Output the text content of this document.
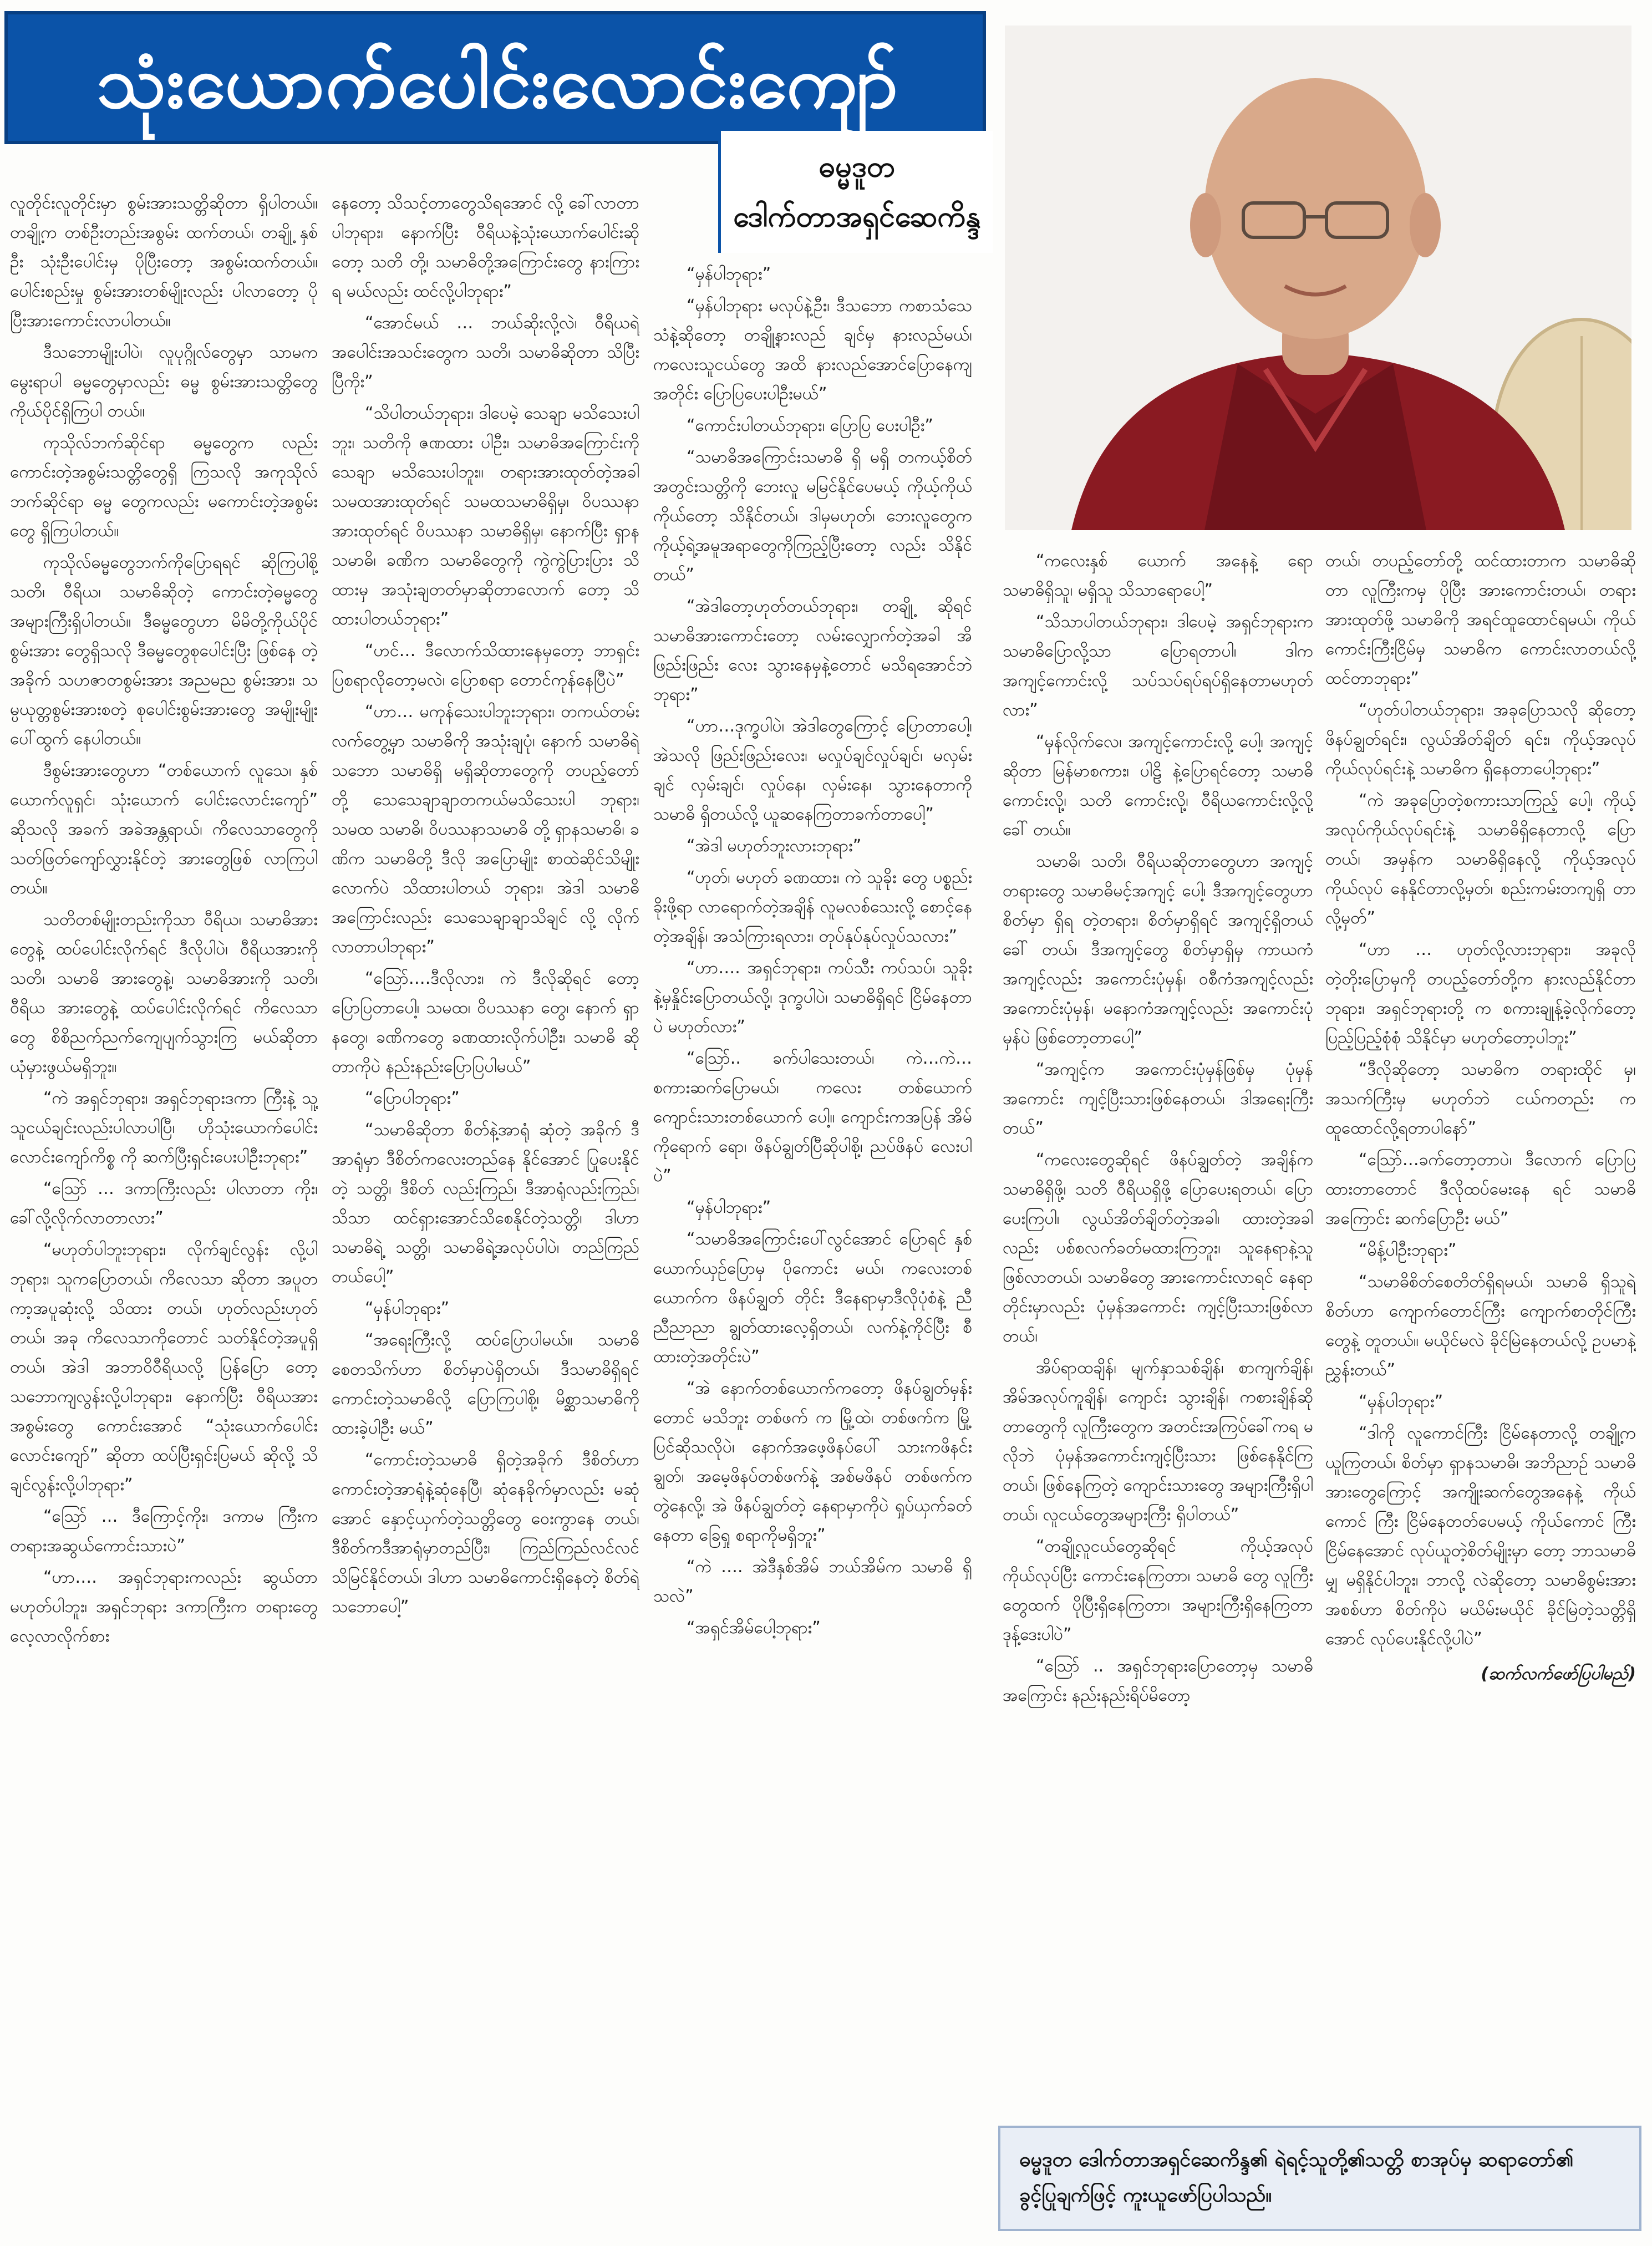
သုံးယောက်ပေါင်းလောင်းကျော်
ဓမ္မဒူတ
ဒေါက်တာအရှင်ဆေကိန္ဒ

လူတိုင်းလူတိုင်းမှာ စွမ်းအားသတ္တိဆိုတာ ရှိပါတယ်။ တချို့က တစ်ဦးတည်းအစွမ်း ထက်တယ်၊ တချို့ နှစ်ဦး သုံးဦးပေါင်းမှ ပိုပြီးတော့ အစွမ်းထက်တယ်။ ပေါင်းစည်းမှု စွမ်းအားတစ်မျိုးလည်း ပါလာတော့ ပိုပြီးအားကောင်းလာပါတယ်။

ဒီသဘောမျိုးပါပဲ၊ လူပုဂ္ဂိုလ်တွေမှာ သာမက မွေးရာပါ ဓမ္မတွေမှာလည်း ဓမ္မ စွမ်းအားသတ္တိတွေ ကိုယ်ပိုင်ရှိကြပါ တယ်။

ကုသိုလ်ဘက်ဆိုင်ရာ ဓမ္မတွေက လည်း ကောင်းတဲ့အစွမ်းသတ္တိတွေရှိ ကြသလို အကုသိုလ်ဘက်ဆိုင်ရာ ဓမ္မ တွေကလည်း မကောင်းတဲ့အစွမ်းတွေ ရှိကြပါတယ်။

ကုသိုလ်ဓမ္မတွေဘက်ကိုပြောရရင် ဆိုကြပါစို့ သတိ၊ ဝီရိယ၊ သမာဓိဆိုတဲ့ ကောင်းတဲ့ဓမ္မတွေ အများကြီးရှိပါတယ်။ ဒီဓမ္မတွေဟာ မိမိတို့ကိုယ်ပိုင် စွမ်းအား တွေရှိသလို ဒီဓမ္မတွေစုပေါင်းပြီး ဖြစ်နေ တဲ့အခိုက် သဟဇာတစွမ်းအား အညမည စွမ်းအား၊ သမ္ပယုတ္တစွမ်းအားစတဲ့ စုပေါင်းစွမ်းအားတွေ အမျိုးမျိုးပေါ်ထွက် နေပါတယ်။

ဒီစွမ်းအားတွေဟာ “တစ်ယောက် လူသေ၊ နှစ်ယောက်လူရှင်၊ သုံးယောက် ပေါင်းလောင်းကျော်” ဆိုသလို အခက် အခဲအန္တရာယ်၊ ကိလေသာတွေကို သတ်ဖြတ်ကျော်လွှားနိုင်တဲ့ အားတွေဖြစ် လာကြပါတယ်။

သတိတစ်မျိုးတည်းကိုသာ ဝီရိယ၊ သမာဓိအားတွေနဲ့ ထပ်ပေါင်းလိုက်ရင် ဒီလိုပါပဲ၊ ဝီရိယအားကို သတိ၊ သမာဓိ အားတွေနဲ့၊ သမာဓိအားကို သတိ၊ ဝီရိယ အားတွေနဲ့ ထပ်ပေါင်းလိုက်ရင် ကိလေသာ တွေ စိစိညက်ညက်ကျေပျက်သွားကြ မယ်ဆိုတာ ယုံမှားဖွယ်မရှိဘူး။

“ကဲ အရှင်ဘုရား၊ အရှင်ဘုရားဒကာ ကြီးနဲ့ သူ့သူငယ်ချင်းလည်းပါလာပါပြီ၊ ဟိုသုံးယောက်ပေါင်း လောင်းကျော်ကိစ္စ ကို ဆက်ပြီးရှင်းပေးပါဦးဘုရား”

“ဩော် … ဒကာကြီးလည်း ပါလာတာ ကိုး၊ ခေါ်လို့လိုက်လာတာလား”

“မဟုတ်ပါဘူးဘုရား၊ လိုက်ချင်လွန်း လို့ပါဘုရား၊ သူကပြောတယ်၊ ကိလေသာ ဆိုတာ အပူတကာ့အပူဆုံးလို့ သိထား တယ်၊ ဟုတ်လည်းဟုတ်တယ်၊ အခု ကိလေသာကိုတောင် သတ်နိုင်တဲ့အပူရှိ တယ်၊ အဲဒါ အဘာဝိဝီရိယလို့ ပြန်ပြော တော့ သဘောကျလွန်းလို့ပါဘုရား၊ နောက်ပြီး ဝီရိယအားအစွမ်းတွေ ကောင်းအောင် “သုံးယောက်ပေါင်း လောင်းကျော်” ဆိုတာ ထပ်ပြီးရှင်းပြမယ် ဆိုလို့ သိချင်လွန်းလို့ပါဘုရား”

“ဩော် … ဒီကြောင့်ကိုး၊ ဒကာမ ကြီးက တရားအဆွယ်ကောင်းသားပဲ”

“ဟာ…. အရှင်ဘုရားကလည်း ဆွယ်တာမဟုတ်ပါဘူး၊ အရှင်ဘုရား ဒကာကြီးက တရားတွေလေ့လာလိုက်စား

နေတော့ သိသင့်တာတွေသိရအောင် လို့ ခေါ်လာတာပါဘုရား၊ နောက်ပြီး ဝီရိယနဲ့သုံးယောက်ပေါင်းဆိုတော့ သတိ တို့၊ သမာဓိတို့အကြောင်းတွေ နားကြားရ မယ်လည်း ထင်လို့ပါဘုရား”

“အောင်မယ် … ဘယ်ဆိုးလို့လဲ၊ ဝီရိယရဲ့ အပေါင်းအသင်းတွေက သတိ၊ သမာဓိဆိုတာ သိပြီးပြီကိုး”

“သိပါတယ်ဘုရား၊ ဒါပေမဲ့ သေချာ မသိသေးပါဘူး၊ သတိကို ဇဏထား ပါဦး၊ သမာဓိအကြောင်းကို သေချာ မသိသေးပါဘူး။ တရားအားထုတ်တဲ့အခါ သမထအားထုတ်ရင် သမထသမာဓိရှိမှ၊ ဝိပဿနာအားထုတ်ရင် ဝိပဿနာ သမာဓိရှိမှ၊ နောက်ပြီး ရှာနသမာဓိ၊ ခဏိက သမာဓိတွေကို ကွဲကွဲပြားပြား သိထားမှ အသုံးချတတ်မှာဆိုတာလောက် တော့ သိထားပါတယ်ဘုရား”

“ဟင်… ဒီလောက်သိထားနေမှတော့ ဘာရှင်းပြစရာလိုတော့မလဲ၊ ပြောစရာ တောင်ကုန်နေပြီပဲ”

“ဟာ… မကုန်သေးပါဘူးဘုရား၊ တကယ်တမ်းလက်တွေ့မှာ သမာဓိကို အသုံးချပုံ၊ နောက် သမာဓိရဲ့သဘော သမာဓိရှိ မရှိဆိုတာတွေကို တပည့်တော် တို့ သေသေချာချာတကယ်မသိသေးပါ ဘုရား၊ သမထ သမာဓိ၊ ဝိပဿနာသမာဓိ တို့ ရှာနသမာဓိ၊ ခဏိက သမာဓိတို့ ဒီလို အပြောမျိုး စာထဲဆိုင်သိမျိုးလောက်ပဲ သိထားပါတယ် ဘုရား၊ အဲဒါ သမာဓိ အကြောင်းလည်း သေသေချာချာသိချင် လို့ လိုက်လာတာပါဘုရား”

“ဩော်….ဒီလိုလား၊ ကဲ ဒီလိုဆိုရင် တော့ ပြောပြတာပေါ့၊ သမထ၊ ဝိပဿနာ တွေ၊ နောက် ရှာနတွေ၊ ခဏိကတွေ ခဏထားလိုက်ပါဦး၊ သမာဓိ ဆိုတာကိုပဲ နည်းနည်းပြောပြပါမယ်”

“ပြောပါဘုရား”

“သမာဓိဆိုတာ စိတ်နဲ့အာရုံ ဆုံတဲ့ အခိုက် ဒီအာရုံမှာ ဒီစိတ်ကလေးတည်နေ နိုင်အောင် ပြုပေးနိုင်တဲ့ သတ္တိ၊ ဒီစိတ် လည်းကြည်၊ ဒီအာရုံလည်းကြည်၊ သိသာ ထင်ရှားအောင်သိစေနိုင်တဲ့သတ္တိ၊ ဒါဟာ သမာဓိရဲ့ သတ္တိ၊ သမာဓိရဲ့အလုပ်ပါပဲ၊ တည်ကြည်တယ်ပေါ့”

“မှန်ပါဘုရား”

“အရေးကြီးလို့ ထပ်ပြောပါမယ်။ သမာဓိစေတသိက်ဟာ စိတ်မှာပဲရှိတယ်၊ ဒီသမာဓိရှိရင် ကောင်းတဲ့သမာဓိလို့ ပြောကြပါစို့၊ မိစ္ဆာသမာဓိကို ထားခဲ့ပါဦး မယ်”

“ကောင်းတဲ့သမာဓိ ရှိတဲ့အခိုက် ဒီစိတ်ဟာ ကောင်းတဲ့အာရုံနဲ့ဆုံနေပြီ၊ ဆုံနေခိုက်မှာလည်း မဆုံအောင် နှောင့်ယှက်တဲ့သတ္တိတွေ ဝေးကွာနေ တယ်၊ ဒီစိတ်ကဒီအာရုံမှာတည်ပြီး၊ ကြည်ကြည်လင်လင် သိမြင်နိုင်တယ်၊ ဒါဟာ သမာဓိကောင်းရှိနေတဲ့ စိတ်ရဲ့ သဘောပေါ့”

“မှန်ပါဘုရား”

“မှန်ပါဘုရား မလုပ်နဲ့ဦး၊ ဒီသဘော ကစာသံသေသံနဲ့ဆိုတော့ တချို့နားလည် ချင်မှ နားလည်မယ်၊ ကလေးသူငယ်တွေ အထိ နားလည်အောင်ပြောနေကျအတိုင်း ပြောပြပေးပါဦးမယ်”

“ကောင်းပါတယ်ဘုရား၊ ပြောပြ ပေးပါဦး”

“သမာဓိအကြောင်းသမာဓိ ရှိ မရှိ တကယ့်စိတ် အတွင်းသတ္တိကို ဘေးလူ မမြင်နိုင်ပေမယ့် ကိုယ့်ကိုယ်ကိုယ်တော့ သိနိုင်တယ်၊ ဒါမှမဟုတ်၊ ဘေးလူတွေက ကိုယ့်ရဲ့အမူအရာတွေကိုကြည့်ပြီးတော့ လည်း သိနိုင်တယ်”

“အဲဒါတော့ဟုတ်တယ်ဘုရား၊ တချို့ ဆိုရင် သမာဓိအားကောင်းတော့ လမ်းလျှောက်တဲ့အခါ အိ ဖြည်းဖြည်း လေး သွားနေမှနဲ့တောင် မသိရအောင်ဘဲ ဘုရား”

“ဟာ…ဒုက္ခပါပဲ၊ အဲဒါတွေကြောင့် ပြောတာပေါ့၊ အဲသလို ဖြည်းဖြည်းလေး၊ မလှုပ်ချင်လှုပ်ချင်၊ မလှမ်းချင် လှမ်းချင်၊ လှုပ်နေ၊ လှမ်းနေ၊ သွားနေတာကို သမာဓိ ရှိတယ်လို့ ယူဆနေကြတာခက်တာပေါ့”

“အဲဒါ မဟုတ်ဘူးလားဘုရား”

“ဟုတ်၊ မဟုတ် ခဏထား၊ ကဲ သူခိုး တွေ ပစ္စည်းခိုးဖို့ရာ လာရောက်တဲ့အချိန် လူမလစ်သေးလို့ စောင့်နေတဲ့အချိန်၊ အသံကြားရလား၊ တုပ်နုပ်နုပ်လှုပ်သလား”

“ဟာ…. အရှင်ဘုရား၊ ကပ်သီး ကပ်သပ်၊ သူခိုးနဲ့မှနှိုင်းပြောတယ်လို့၊ ဒုက္ခပါပဲ၊ သမာဓိရှိရင် ငြိမ်နေတာပဲ မဟုတ်လား”

“ဩော်.. ခက်ပါသေးတယ်၊ ကဲ…ကဲ… စကားဆက်ပြောမယ်၊ ကလေး တစ်ယောက် ကျောင်းသားတစ်ယောက် ပေါ့။ ကျောင်းကအပြန် အိမ်ကိုရောက် ရော၊ ဖိနပ်ချွတ်ပြီဆိုပါစို့၊ ညပ်ဖိနပ် လေးပါပဲ”

“မှန်ပါဘုရား”

“သမာဓိအကြောင်းပေါ်လွင်အောင် ပြောရင် နှစ်ယောက်ယှဉ်ပြောမှ ပိုကောင်း မယ်၊ ကလေးတစ်ယောက်က ဖိနပ်ချွတ် တိုင်း ဒီနေရာမှာဒီလိုပုံစံနဲ့ ညီညီညာညာ ချွတ်ထားလေ့ရှိတယ်၊ လက်နဲ့ကိုင်ပြီး စီထားတဲ့အတိုင်းပဲ”

“အဲ နောက်တစ်ယောက်ကတော့ ဖိနပ်ချွတ်မှန်းတောင် မသိဘူး တစ်ဖက် က မြို့ထဲ၊ တစ်ဖက်က မြို့ပြင်ဆိုသလိုပဲ၊ နောက်အဖေ့ဖိနပ်ပေါ် သားကဖိနင်းချွတ်၊ အမေ့ဖိနပ်တစ်ဖက်နဲ့ အစ်မဖိနပ် တစ်ဖက်က တွဲနေလို့၊ အဲ ဖိနပ်ချွတ်တဲ့ နေရာမှာကိုပဲ ရှုပ်ယှက်ခတ်နေတာ ခြေရှု စရာကိုမရှိဘူး”

“ကဲ …. အဲဒီနှစ်အိမ် ဘယ်အိမ်က သမာဓိ ရှိသလဲ”

“အရှင်အိမ်ပေါ့ဘုရား”

“ကလေးနှစ် ယောက် အနေနဲ့ ရော သမာဓိရှိသူ၊ မရှိသူ သိသာရောပေါ့”

“သိသာပါတယ်ဘုရား၊ ဒါပေမဲ့ အရှင်ဘုရားက သမာဓိပြောလို့သာ ပြောရတာပါ၊ ဒါက အကျင့်ကောင်းလို့ သပ်သပ်ရပ်ရပ်ရှိနေတာမဟုတ်လား”

“မှန်လိုက်လေ၊ အကျင့်ကောင်းလို့ ပေါ့၊ အကျင့်ဆိုတာ မြန်မာစကား၊ ပါဠိ နဲ့ပြောရင်တော့ သမာဓိကောင်းလို့၊ သတိ ကောင်းလို့၊ ဝီရိယကောင်းလို့လို့ခေါ် တယ်။

သမာဓိ၊ သတိ၊ ဝီရိယဆိုတာတွေဟာ အကျင့်တရားတွေ သမာဓိမင့်အကျင့် ပေါ့၊ ဒီအကျင့်တွေဟာ စိတ်မှာ ရှိရ တဲ့တရား၊ စိတ်မှာရှိရင် အကျင့်ရှိတယ်ခေါ် တယ်၊ ဒီအကျင့်တွေ စိတ်မှာရှိမှ ကာယကံအကျင့်လည်း အကောင်းပုံမှန်၊ ဝစီကံအကျင့်လည်း အကောင်းပုံမှန်၊ မနောကံအကျင့်လည်း အကောင်းပုံမှန်ပဲ ဖြစ်တော့တာပေါ့”

“အကျင့်က အကောင်းပုံမှန်ဖြစ်မှ ပုံမှန်အကောင်း ကျင့်ပြီးသားဖြစ်နေတယ်၊ ဒါအရေးကြီးတယ်”

“ကလေးတွေဆိုရင် ဖိနပ်ချွတ်တဲ့ အချိန်က သမာဓိရှိဖို့၊ သတိ ဝီရိယရှိဖို့ ပြောပေးရတယ်၊ ပြောပေးကြပါ၊ လွယ်အိတ်ချိတ်တဲ့အခါ၊ ထားတဲ့အခါ လည်း ပစ်စလက်ခတ်မထားကြဘူး၊ သူနေရာနဲ့သူ ဖြစ်လာတယ်၊ သမာဓိတွေ အားကောင်းလာရင် နေရာတိုင်းမှာလည်း ပုံမှန်အကောင်း ကျင့်ပြီးသားဖြစ်လာ တယ်၊

အိပ်ရာထချိန်၊ မျက်နှာသစ်ချိန်၊ စာကျက်ချိန်၊ အိမ်အလုပ်ကူချိန်၊ ကျောင်း သွားချိန်၊ ကစားချိန်ဆိုတာတွေကို လူကြီးတွေက အတင်းအကြပ်ခေါ်ကရ မလိုဘဲ ပုံမှန်အကောင်းကျင့်ပြီးသား ဖြစ်နေနိုင်ကြတယ်၊ ဖြစ်နေကြတဲ့ ကျောင်းသားတွေ အများကြီးရှိပါတယ်၊ လူငယ်တွေအများကြီး ရှိပါတယ်”

“တချို့လူငယ်တွေဆိုရင် ကိုယ့်အလုပ် ကိုယ်လုပ်ပြီး ကောင်းနေကြတာ၊ သမာဓိ တွေ လူကြီးတွေထက် ပိုပြီးရှိနေကြတာ၊ အများကြီးရှိနေကြတာ ဒုန့်ဒေးပါပဲ”

“ဩော် .. အရှင်ဘုရားပြောတော့မှ သမာဓိအကြောင်း နည်းနည်းရိပ်မိတော့

တယ်၊ တပည့်တော်တို့ ထင်ထားတာက သမာဓိဆိုတာ လူကြီးကမှ ပိုပြီး အားကောင်းတယ်၊ တရားအားထုတ်ဖို့ သမာဓိကို အရင်ထူထောင်ရမယ်၊ ကိုယ်ကောင်းကြီးငြိမ်မှ သမာဓိက ကောင်းလာတယ်လို့ ထင်တာဘုရား”

“ဟုတ်ပါတယ်ဘုရား၊ အခုပြောသလို ဆိုတော့ ဖိနပ်ချွတ်ရင်း၊ လွယ်အိတ်ချိတ် ရင်း၊ ကိုယ့်အလုပ် ကိုယ်လုပ်ရင်းနဲ့ သမာဓိက ရှိနေတာပေါ့ဘုရား”

“ကဲ အခုပြောတဲ့စကားသာကြည့် ပေါ့၊ ကိုယ့်အလုပ်ကိုယ်လုပ်ရင်းနဲ့ သမာဓိရှိနေတာလို့ ပြောတယ်၊ အမှန်က သမာဓိရှိနေလို့ ကိုယ့်အလုပ်ကိုယ်လုပ် နေနိုင်တာလို့မှတ်၊ စည်းကမ်းတကျရှိ တာလို့မှတ်”

“ဟာ … ဟုတ်လို့လားဘုရား၊ အခုလို တဲ့တိုးပြောမှကို တပည့်တော်တို့က နားလည်နိုင်တာ ဘုရား၊ အရှင်ဘုရားတို့ က စကားချုန့်ခဲ့လိုက်တော့ ပြည့်ပြည့်စုံစုံ သိနိုင်မှာ မဟုတ်တော့ပါဘူး”

“ဒီလိုဆိုတော့ သမာဓိက တရားထိုင် မှ၊ အသက်ကြီးမှ မဟုတ်ဘဲ ငယ်ကတည်း က ထူထောင်လို့ရတာပါနော်”

“ဩော်…ခက်တော့တာပဲ၊ ဒီလောက် ပြောပြထားတာတောင် ဒီလိုထပ်မေးနေ ရင် သမာဓိအကြောင်း ဆက်ပြောဦး မယ်”

“မိန့်ပါဦးဘုရား”

“သမာဓိစိတ်စေတိတ်ရှိရမယ်၊ သမာဓိ ရှိသူရဲ့စိတ်ဟာ ကျောက်တောင်ကြီး ကျောက်စာတိုင်ကြီးတွေနဲ့ တူတယ်။ မယိုင်မလဲ ခိုင်မြဲနေတယ်လို့ ဥပမာနဲ့ ညွှန်းတယ်”

“မှန်ပါဘုရား”

“ဒါကို လူကောင်ကြီး ငြိမ်နေတာလို့ တချို့က ယူကြတယ်၊ စိတ်မှာ ရှာနသမာဓိ၊ အဘိညာဉ် သမာဓိ အားတွေကြောင့် အကျိုးဆက်တွေအနေနဲ့ ကိုယ်ကောင် ကြီး ငြိမ်နေတတ်ပေမယ့် ကိုယ်ကောင် ကြီးငြိမ်နေအောင် လုပ်ယူတဲ့စိတ်မျိုးမှာ တော့ ဘာသမာဓိမျှ မရှိနိုင်ပါဘူး၊ ဘာလို့ လဲဆိုတော့ သမာဓိစွမ်းအားအစစ်ဟာ စိတ်ကိုပဲ မယိမ်းမယိုင် ခိုင်မြဲတဲ့သတ္တိရှိ အောင် လုပ်ပေးနိုင်လို့ပါပဲ”

(ဆက်လက်ဖော်ပြပါမည်)
ဓမ္မဒူတ ဒေါက်တာအရှင်ဆေကိန္ဒ၏ ရဲရင့်သူတို့၏သတ္တိ စာအုပ်မှ ဆရာတော်၏ ခွင့်ပြုချက်ဖြင့် ကူးယူဖော်ပြပါသည်။
